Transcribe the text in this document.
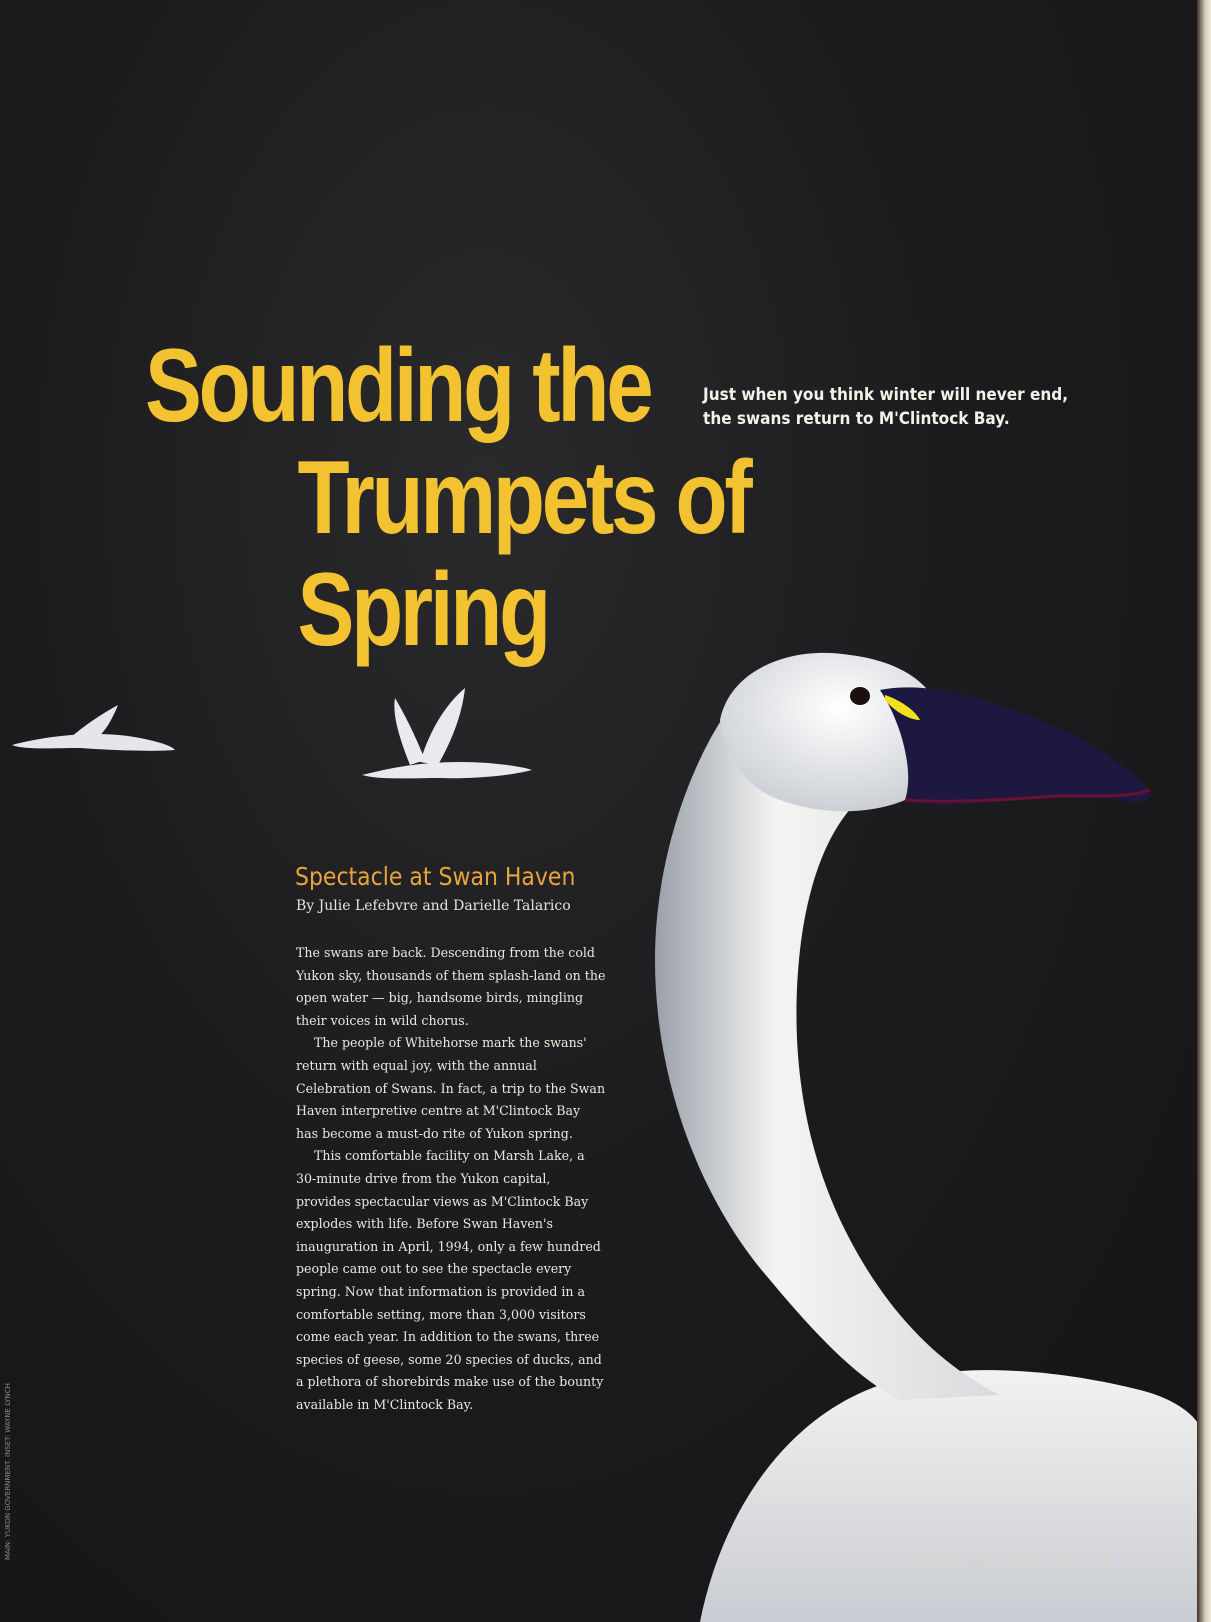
Sounding the
Trumpets of Spring
Just when you think winter will never end, the swans return to M'Clintock Bay.
Spectacle at Swan Haven
By Julie Lefebvre and Darielle Talarico

The swans are back. Descending from the cold Yukon sky, thousands of them splash-land on the open water — big, handsome birds, mingling their voices in wild chorus.

The people of Whitehorse mark the swans' return with equal joy, with the annual Celebration of Swans. In fact, a trip to the Swan Haven interpretive centre at M'Clintock Bay has become a must-do rite of Yukon spring.

This comfortable facility on Marsh Lake, a 30-minute drive from the Yukon capital, provides spectacular views as M'Clintock Bay explodes with life. Before Swan Haven's inauguration in April, 1994, only a few hundred people came out to see the spectacle every spring. Now that information is provided in a comfortable setting, more than 3,000 visitors come each year. In addition to the swans, three species of geese, some 20 species of ducks, and a plethora of shorebirds make use of the bounty available in M'Clintock Bay.

UP HERE MAY/JUNE 1997 15
MAIN: YUKON GOVERNMENT. INSET: WAYNE LYNCH
